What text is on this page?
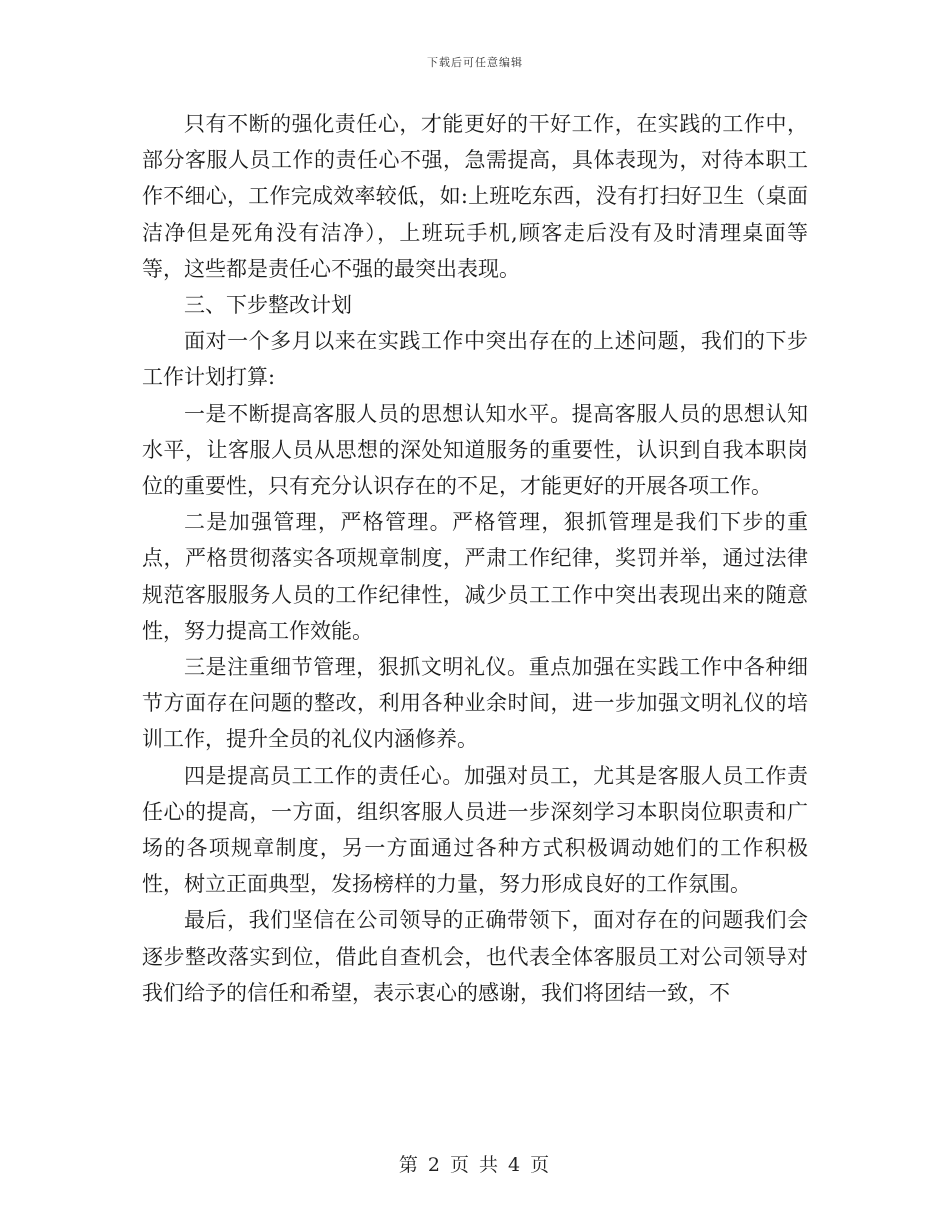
下载后可任意编辑

只有不断的强化责任心，才能更好的干好工作，在实践的工作中，部分客服人员工作的责任心不强，急需提高，具体表现为，对待本职工作不细心，工作完成效率较低，如:上班吃东西，没有打扫好卫生（桌面洁净但是死角没有洁净），上班玩手机,顾客走后没有及时清理桌面等等，这些都是责任心不强的最突出表现。

三、下步整改计划

面对一个多月以来在实践工作中突出存在的上述问题，我们的下步工作计划打算:

一是不断提高客服人员的思想认知水平。提高客服人员的思想认知水平，让客服人员从思想的深处知道服务的重要性，认识到自我本职岗位的重要性，只有充分认识存在的不足，才能更好的开展各项工作。

二是加强管理，严格管理。严格管理，狠抓管理是我们下步的重点，严格贯彻落实各项规章制度，严肃工作纪律，奖罚并举，通过法律规范客服服务人员的工作纪律性，减少员工工作中突出表现出来的随意性，努力提高工作效能。

三是注重细节管理，狠抓文明礼仪。重点加强在实践工作中各种细节方面存在问题的整改，利用各种业余时间，进一步加强文明礼仪的培训工作，提升全员的礼仪内涵修养。

四是提高员工工作的责任心。加强对员工，尤其是客服人员工作责任心的提高，一方面，组织客服人员进一步深刻学习本职岗位职责和广场的各项规章制度，另一方面通过各种方式积极调动她们的工作积极性，树立正面典型，发扬榜样的力量，努力形成良好的工作氛围。

最后，我们坚信在公司领导的正确带领下，面对存在的问题我们会逐步整改落实到位，借此自查机会，也代表全体客服员工对公司领导对我们给予的信任和希望，表示衷心的感谢，我们将团结一致，不

第 2 页 共 4 页
